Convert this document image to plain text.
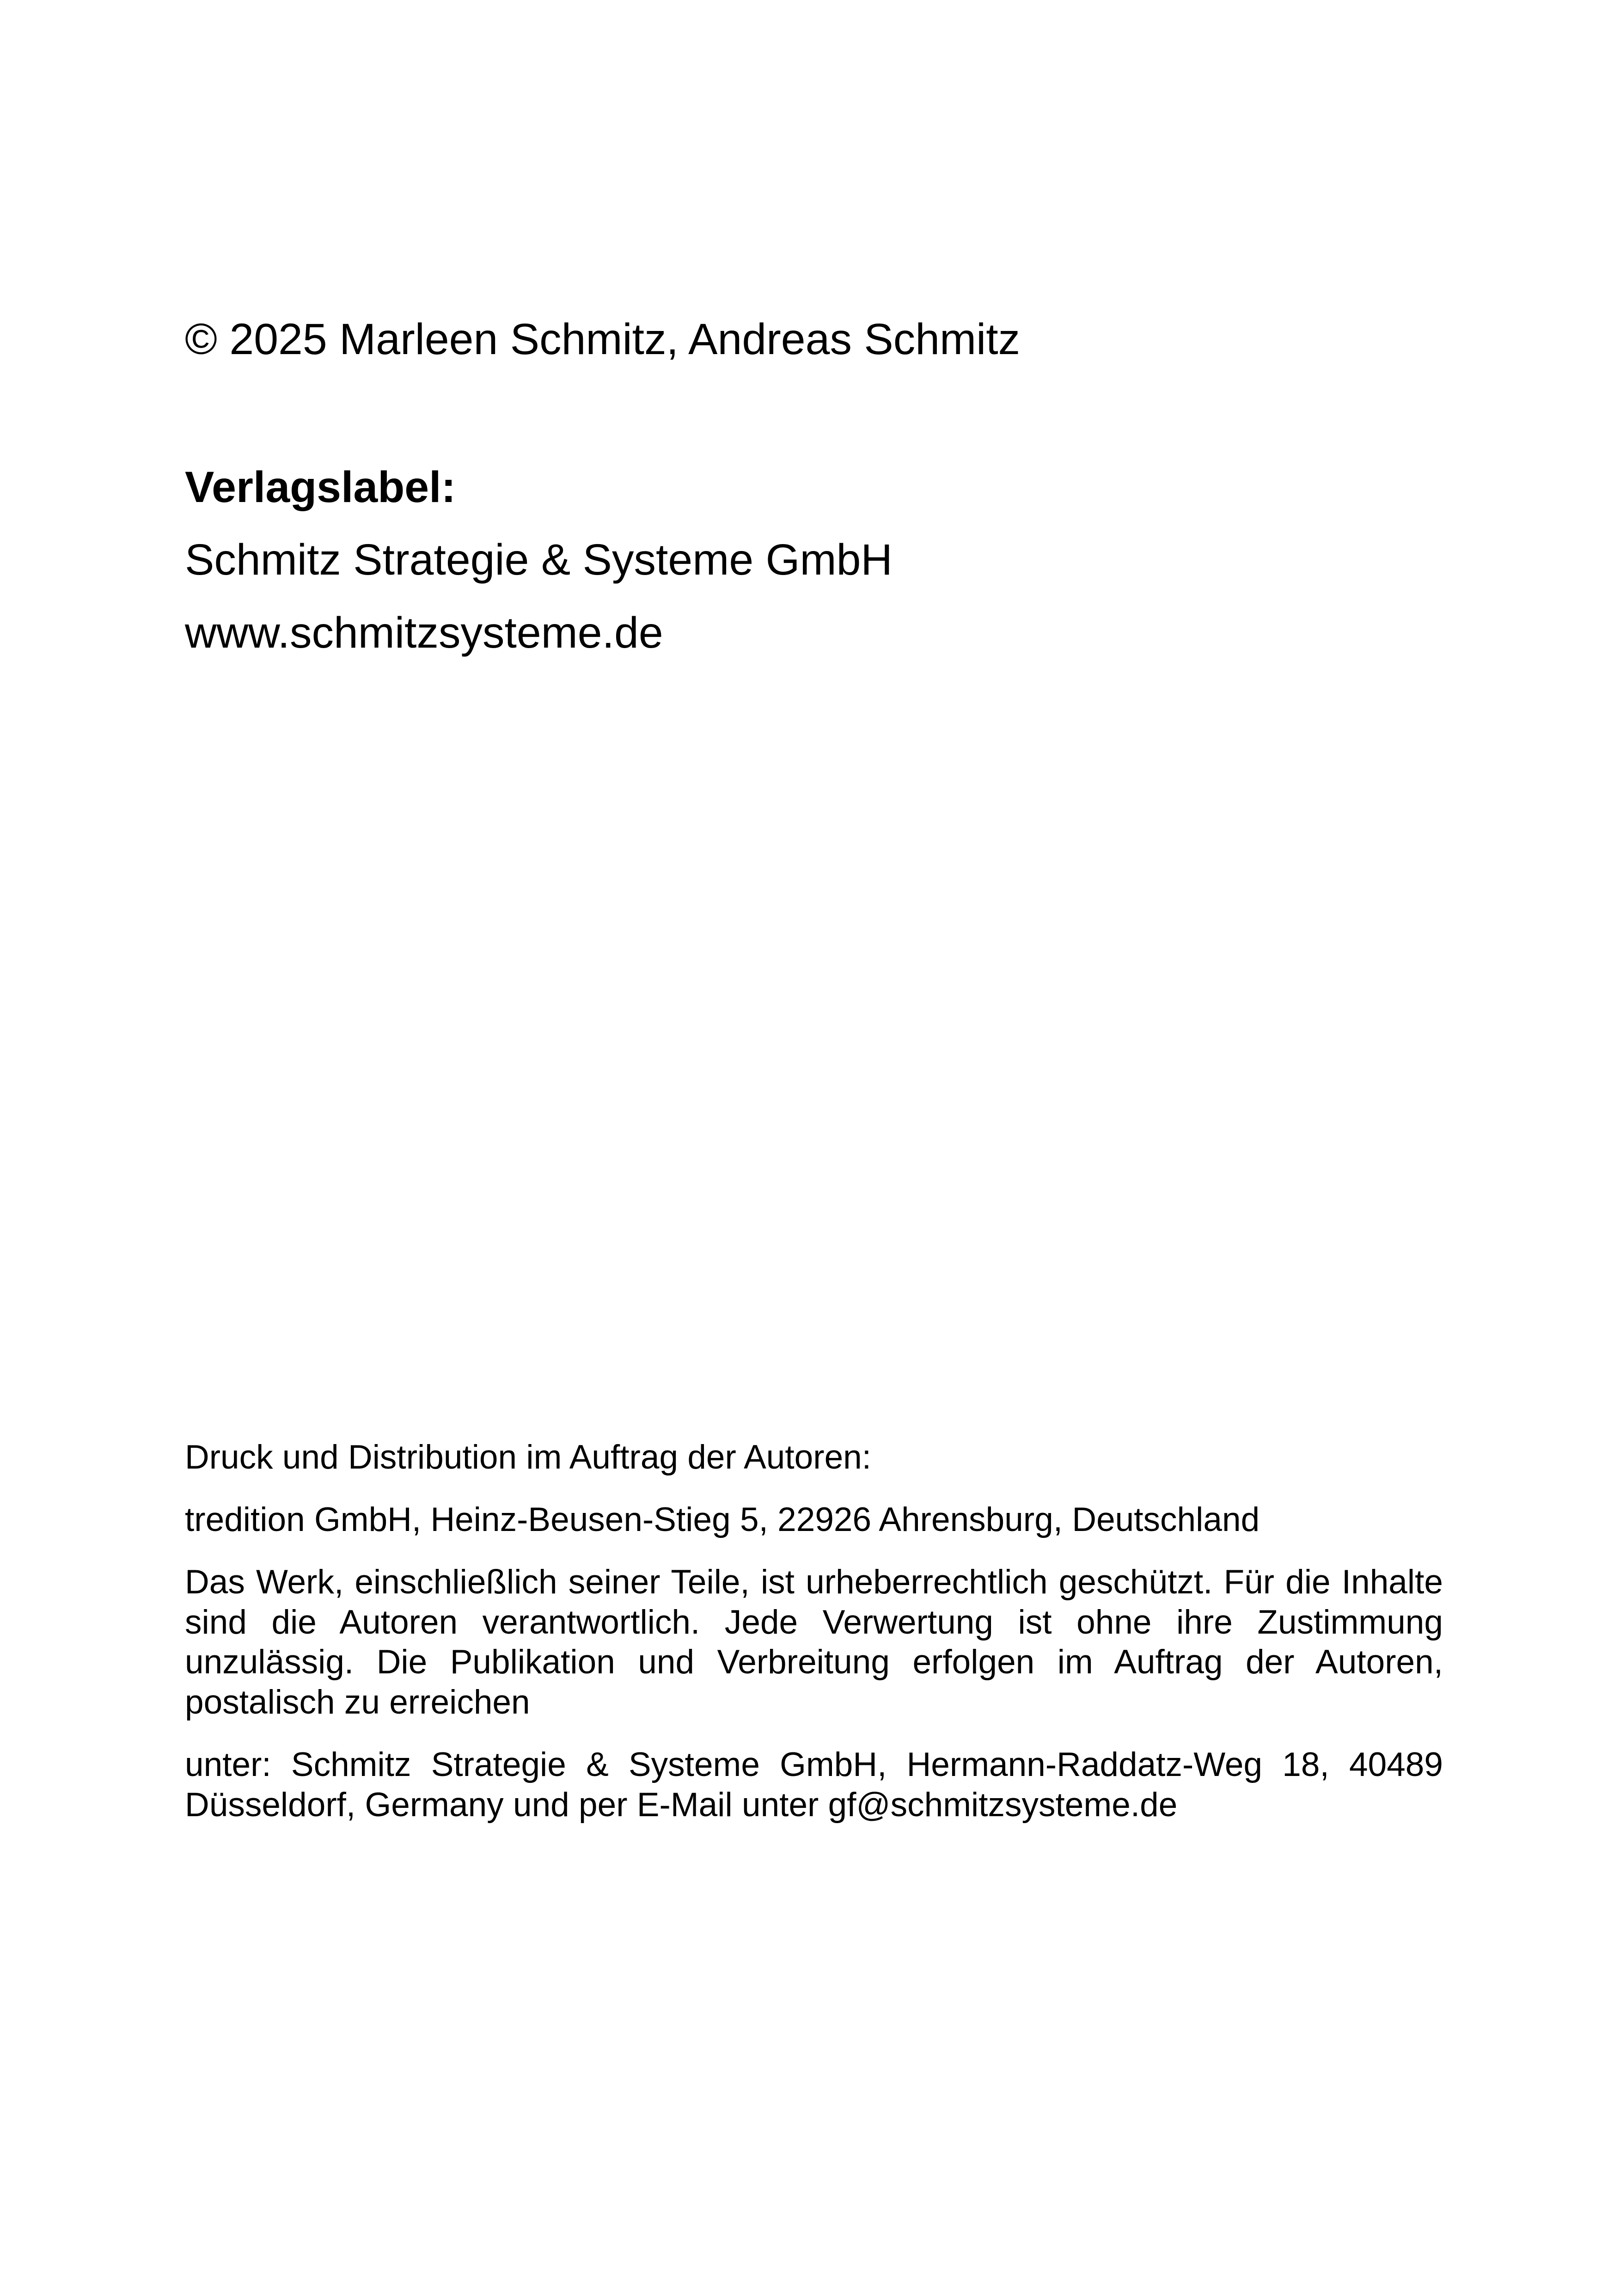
© 2025 Marleen Schmitz, Andreas Schmitz
Verlagslabel:
Schmitz Strategie & Systeme GmbH
www.schmitzsysteme.de

Druck und Distribution im Auftrag der Autoren:

tredition GmbH, Heinz-Beusen-Stieg 5, 22926 Ahrensburg, Deutschland

Das Werk, einschließlich seiner Teile, ist urheberrechtlich geschützt. Für die Inhalte sind die Autoren verantwortlich. Jede Verwertung ist ohne ihre Zustimmung unzulässig. Die Publikation und Verbreitung erfolgen im Auftrag der Autoren, postalisch zu erreichen

unter: Schmitz Strategie & Systeme GmbH, Hermann-Raddatz-Weg 18, 40489 Düsseldorf, Germany und per E-Mail unter gf@schmitzsysteme.de
